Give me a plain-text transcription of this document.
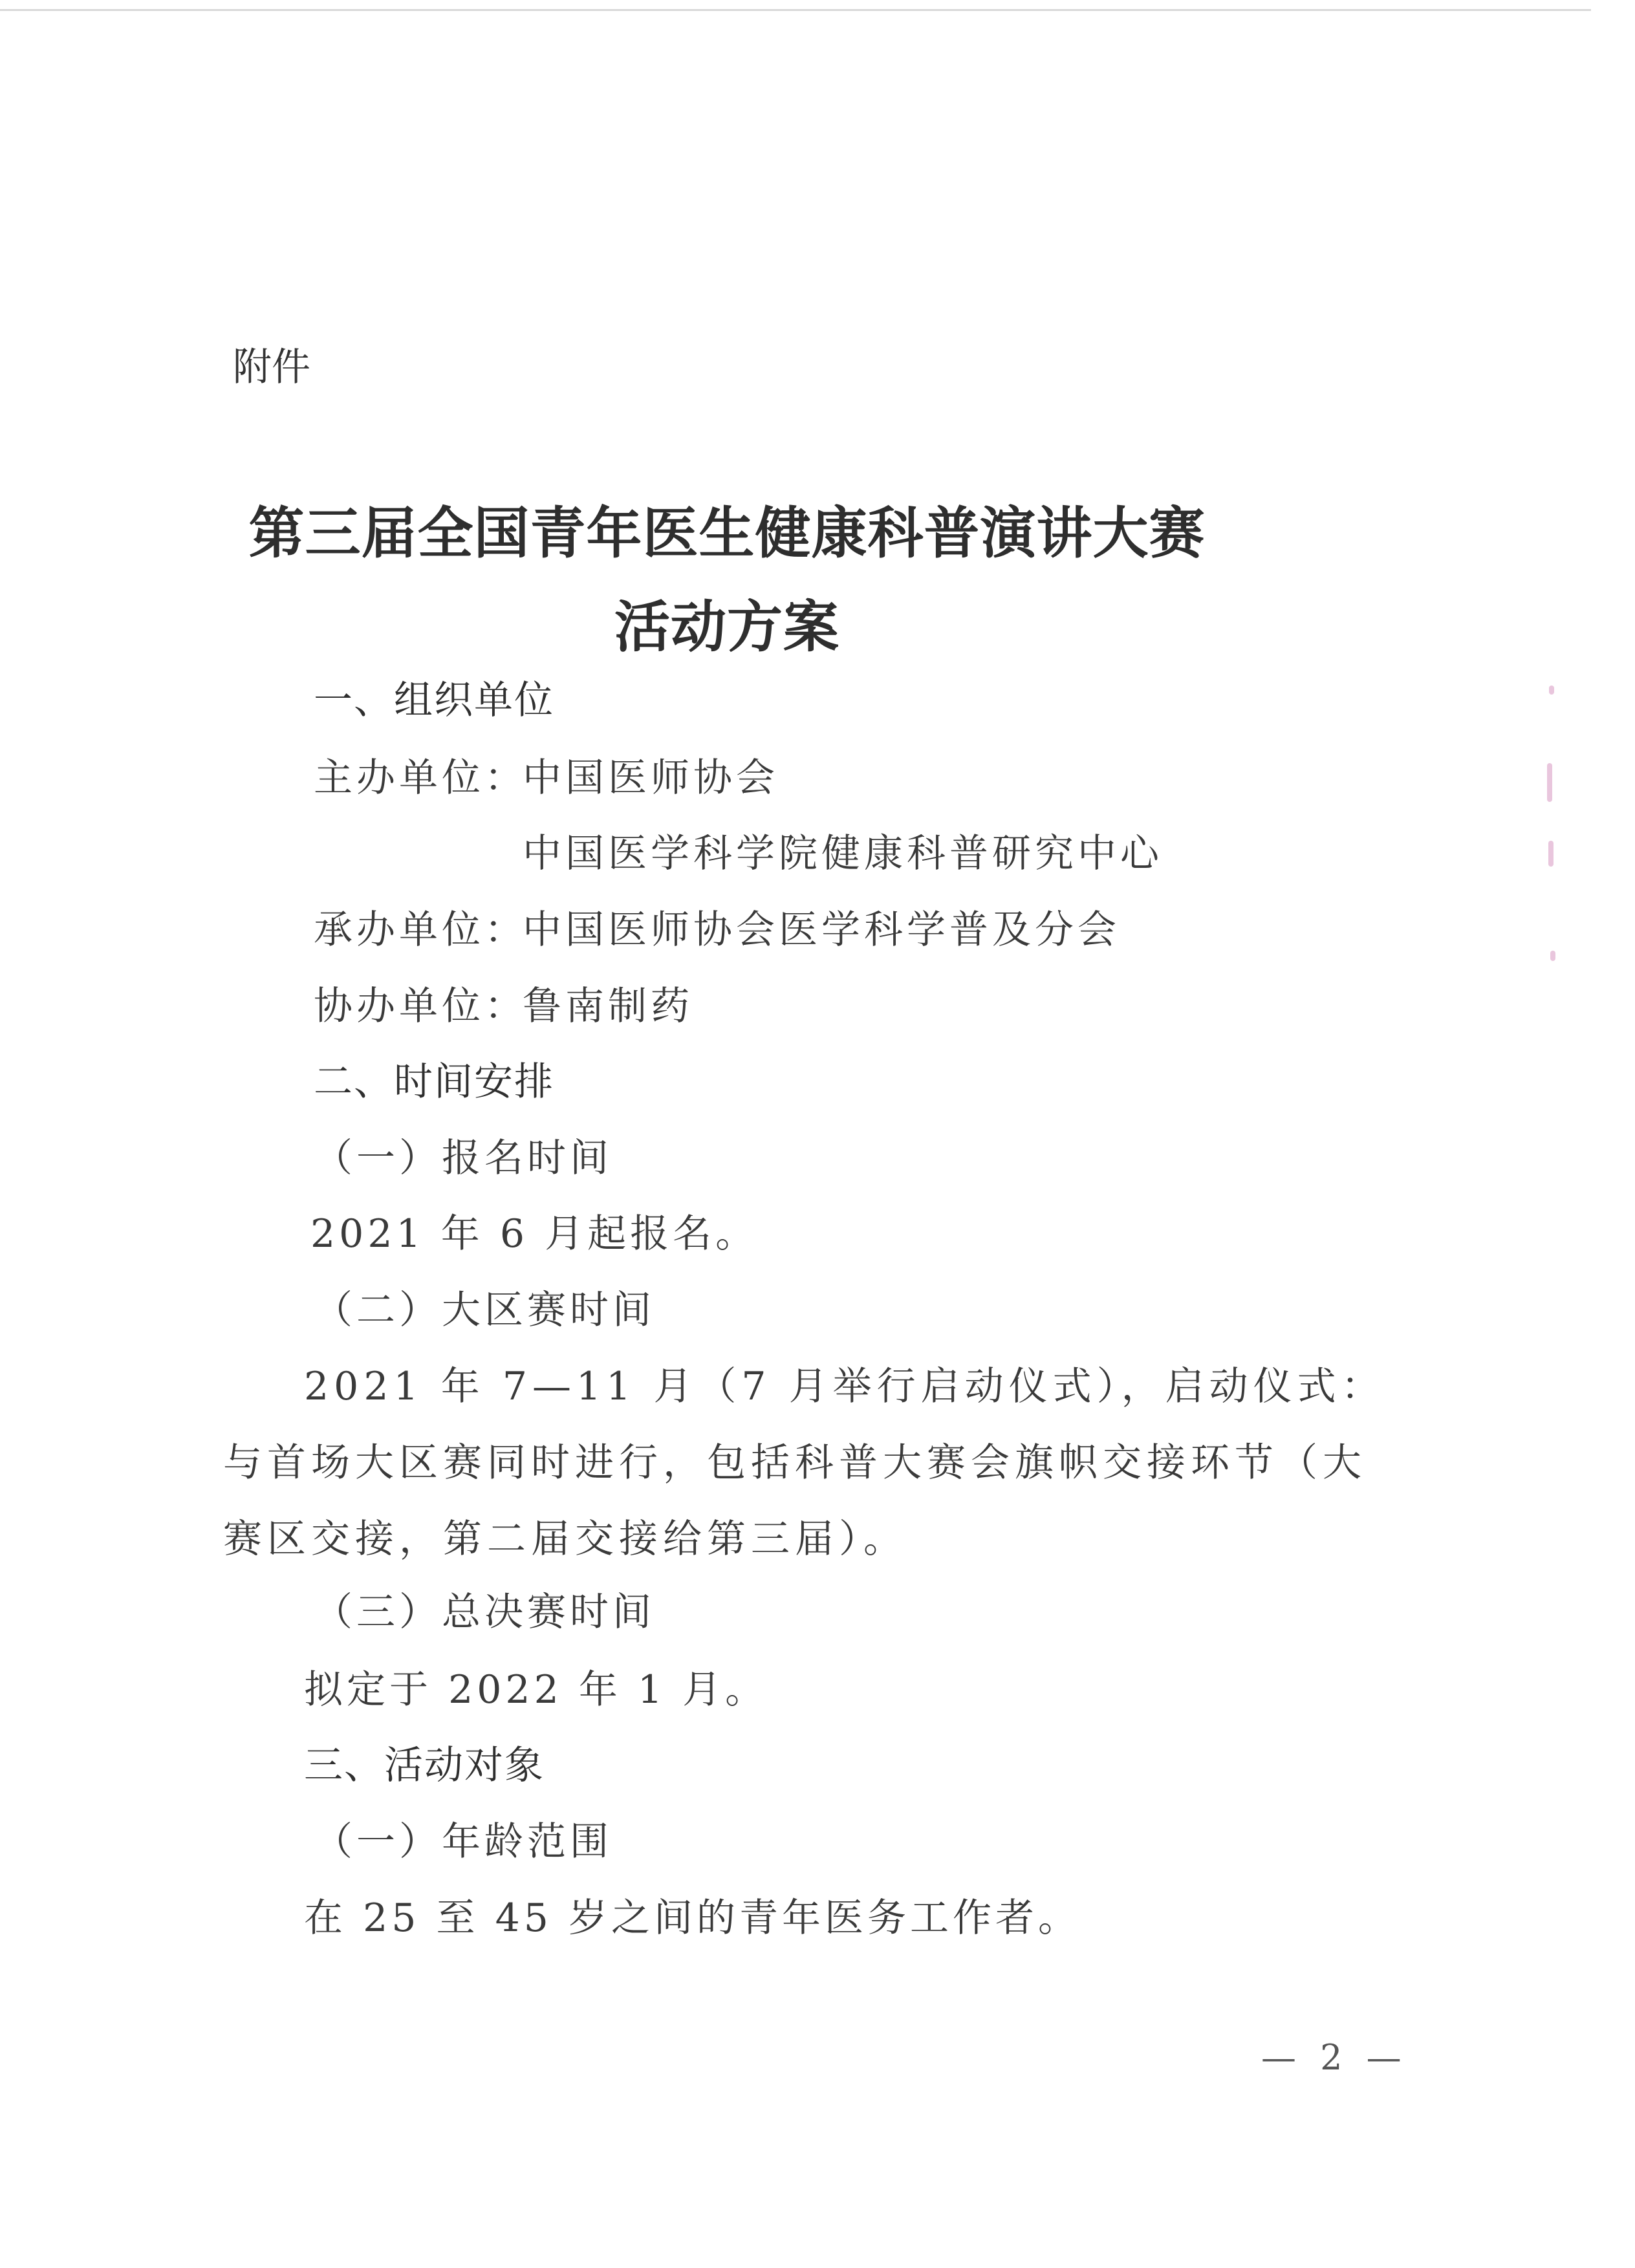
附件
第三届全国青年医生健康科普演讲大赛
活动方案
一、组织单位
主办单位：
中国医师协会
中国医学科学院健康科普研究中心
承办单位：
中国医师协会医学科学普及分会
协办单位：
鲁南制药
二、时间安排
（一）报名时间
2021 年 6 月起报名。
（二）大区赛时间

2021 年 7—11 月（7 月举行启动仪式），启动仪式：与首场大区赛同时进行，包括科普大赛会旗帜交接环节（大赛区交接，第二届交接给第三届）。

（三）总决赛时间
拟定于 2022 年 1 月。
三、活动对象
（一）年龄范围
在 25 至 45 岁之间的青年医务工作者。
— 2 —
